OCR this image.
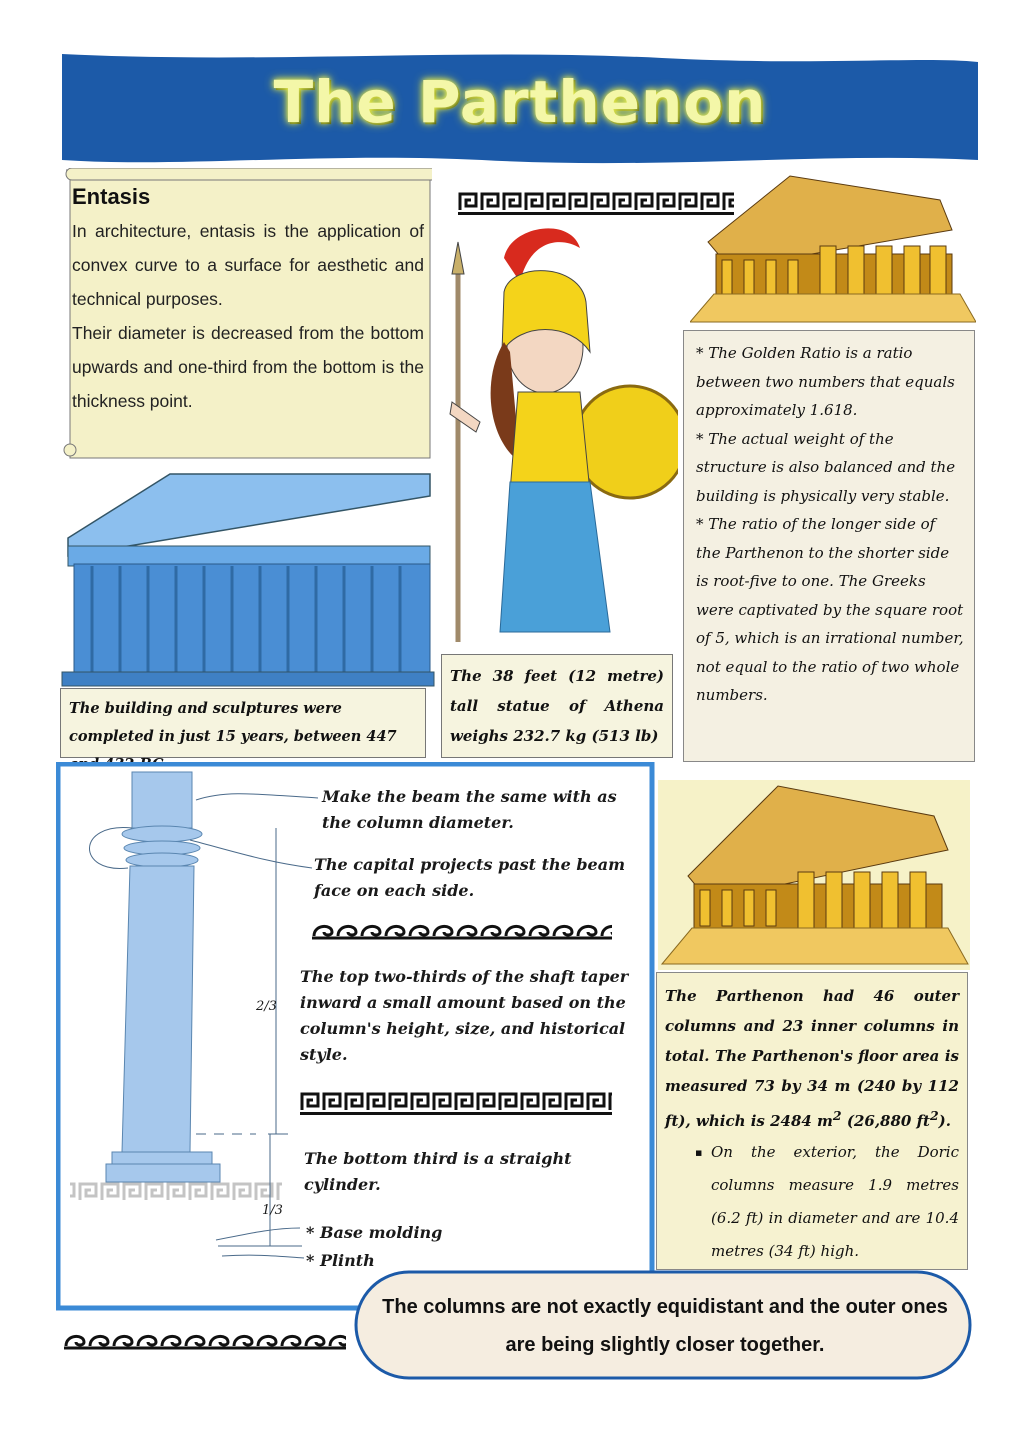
The Parthenon
Entasis

In architecture, entasis is the application of convex curve to a surface for aesthetic and technical purposes.

Their diameter is decreased from the bottom upwards and one-third from the bottom is the thickness point.

The building and sculptures were completed in just 15 years, between 447
The 38 feet (12 metre) tall statue of Athena weighs 232.7 kg (513 lb)

* The Golden Ratio is a ratio between two numbers that equals approximately 1.618.

* The actual weight of the structure is also balanced and the building is physically very stable.

* The ratio of the longer side of the Parthenon to the shorter side is root-five to one. The Greeks were captivated by the square root of 5, which is an irrational number, not equal to the ratio of two whole numbers.

Make the beam the same with as the column diameter.
The capital projects past the beam face on each side.
The top two-thirds of the shaft taper inward a small amount based on the column's height, size, and historical style.
The bottom third is a straight cylinder.
* Base molding
* Plinth
2/3
1/3

The Parthenon had 46 outer columns and 23 inner columns in total. The Parthenon's floor area is measured 73 by 34 m (240 by 112 ft), which is 2484 $m^2$ (26,880 $ft^2$).

▪ On the exterior, the Doric columns measure 1.9 metres (6.2 ft) in diameter and are 10.4 metres (34 ft) high.

The columns are not exactly equidistant and the outer ones are being slightly closer together.
